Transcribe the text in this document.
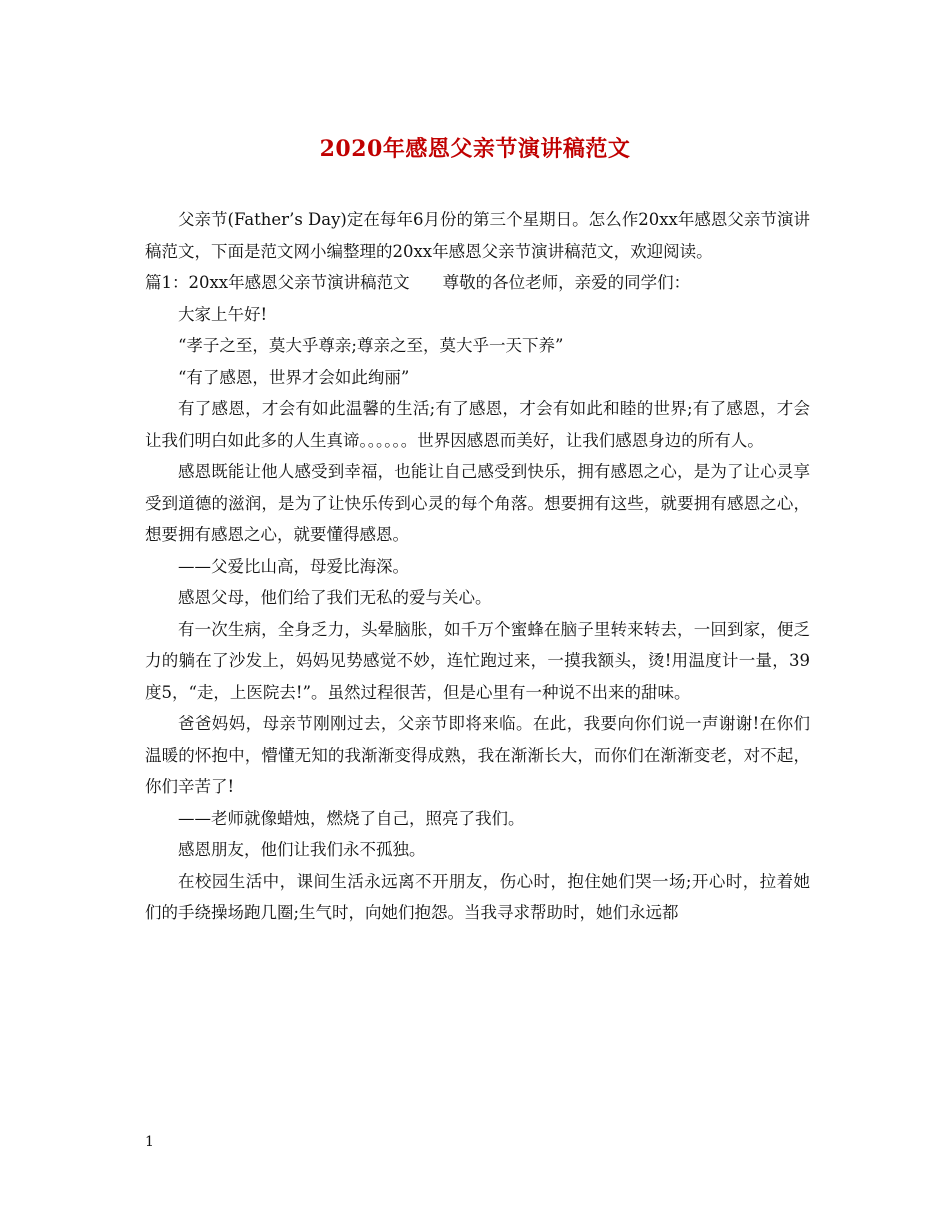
2020年感恩父亲节演讲稿范文

父亲节(Father’s Day)定在每年6月份的第三个星期日。怎么作20xx年感恩父亲节演讲稿范文，下面是范文网小编整理的20xx年感恩父亲节演讲稿范文，欢迎阅读。

篇1：20xx年感恩父亲节演讲稿范文　　尊敬的各位老师，亲爱的同学们：

大家上午好!

“孝子之至，莫大乎尊亲;尊亲之至，莫大乎一天下养”

“有了感恩，世界才会如此绚丽”

有了感恩，才会有如此温馨的生活;有了感恩，才会有如此和睦的世界;有了感恩，才会让我们明白如此多的人生真谛。。。。。。世界因感恩而美好，让我们感恩身边的所有人。

感恩既能让他人感受到幸福，也能让自己感受到快乐，拥有感恩之心，是为了让心灵享受到道德的滋润，是为了让快乐传到心灵的每个角落。想要拥有这些，就要拥有感恩之心，想要拥有感恩之心，就要懂得感恩。

——父爱比山高，母爱比海深。

感恩父母，他们给了我们无私的爱与关心。

有一次生病，全身乏力，头晕脑胀，如千万个蜜蜂在脑子里转来转去，一回到家，便乏力的躺在了沙发上，妈妈见势感觉不妙，连忙跑过来，一摸我额头，烫!用温度计一量，39度5，“走，上医院去!”。虽然过程很苦，但是心里有一种说不出来的甜味。

爸爸妈妈，母亲节刚刚过去，父亲节即将来临。在此，我要向你们说一声谢谢!在你们温暖的怀抱中，懵懂无知的我渐渐变得成熟，我在渐渐长大，而你们在渐渐变老，对不起，你们辛苦了!

——老师就像蜡烛，燃烧了自己，照亮了我们。

感恩朋友，他们让我们永不孤独。

在校园生活中，课间生活永远离不开朋友，伤心时，抱住她们哭一场;开心时，拉着她们的手绕操场跑几圈;生气时，向她们抱怨。当我寻求帮助时，她们永远都

1
